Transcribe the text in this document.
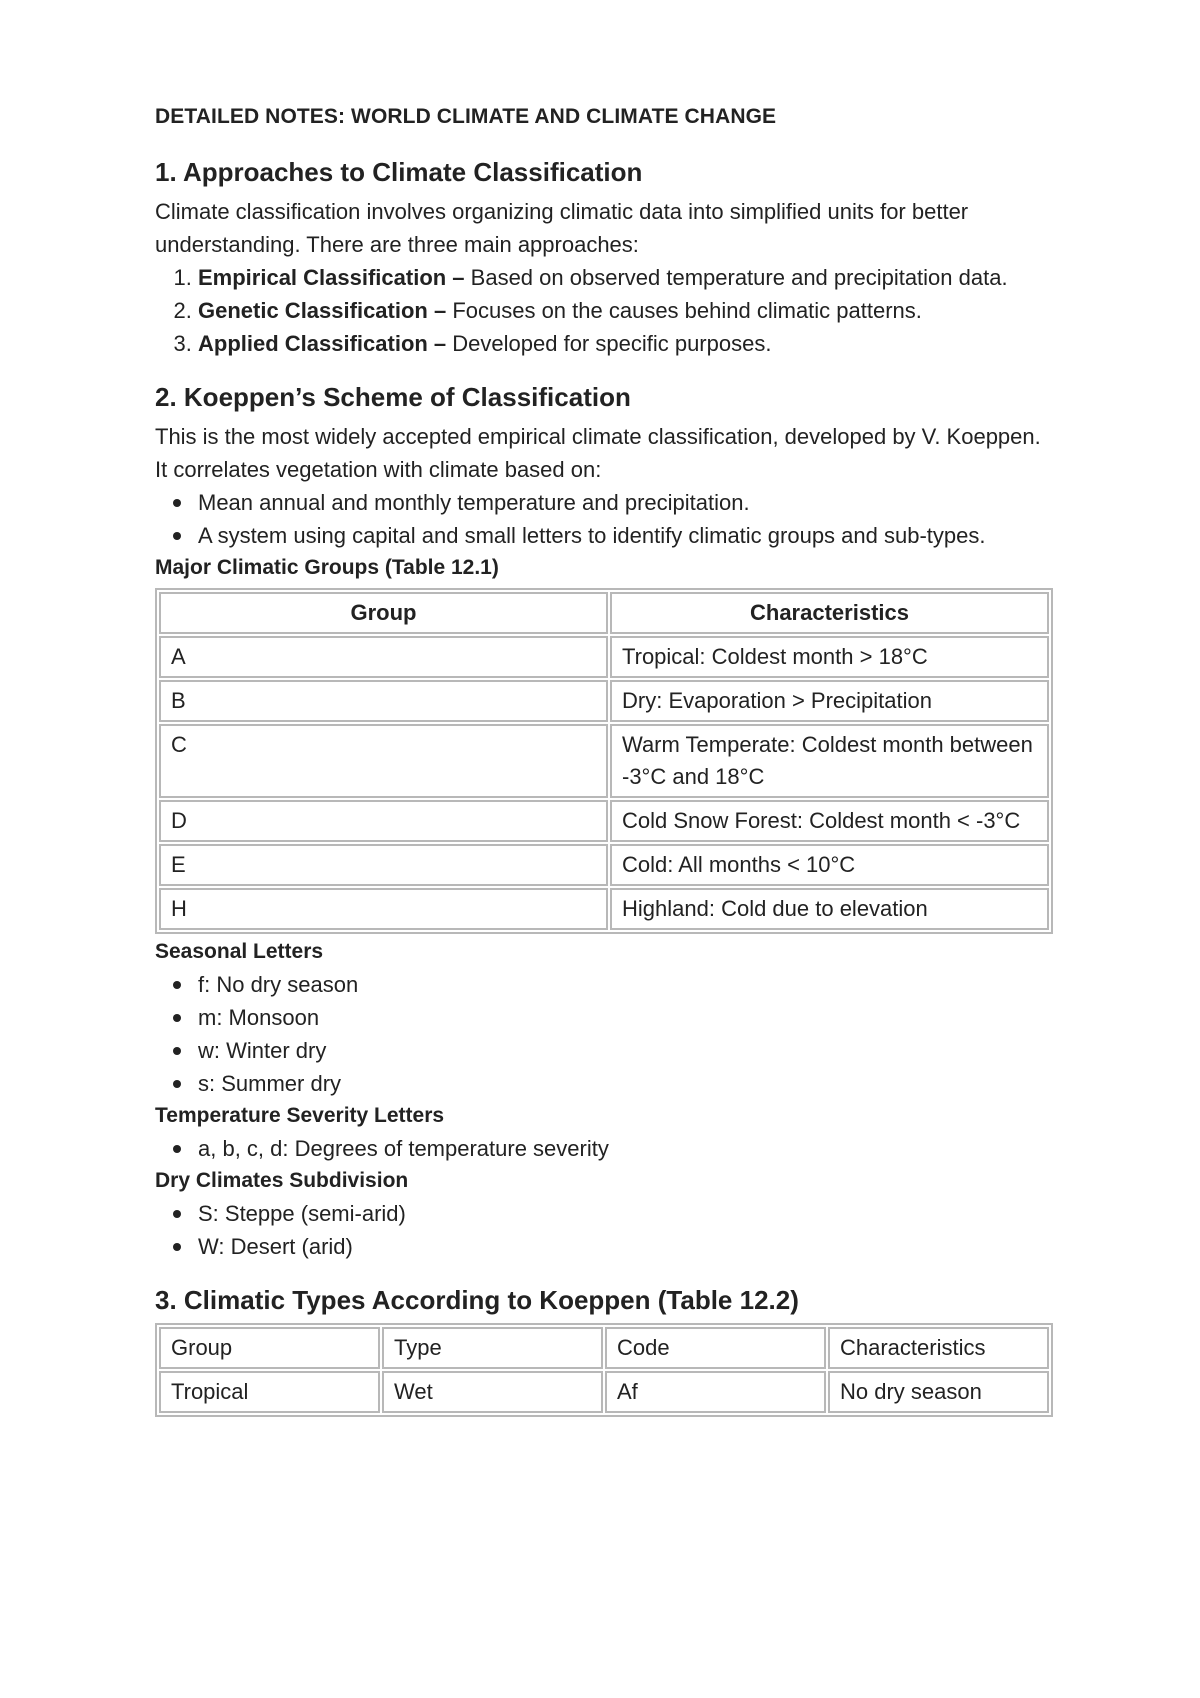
DETAILED NOTES: WORLD CLIMATE AND CLIMATE CHANGE
1. Approaches to Climate Classification

Climate classification involves organizing climatic data into simplified units for better understanding. There are three main approaches:

1. Empirical Classification – Based on observed temperature and precipitation data.
2. Genetic Classification – Focuses on the causes behind climatic patterns.
3. Applied Classification – Developed for specific purposes.
2. Koeppen’s Scheme of Classification

This is the most widely accepted empirical climate classification, developed by V. Koeppen. It correlates vegetation with climate based on:

Mean annual and monthly temperature and precipitation.
A system using capital and small letters to identify climatic groups and sub-types.
Major Climatic Groups (Table 12.1)
Group	Characteristics
A	Tropical: Coldest month > 18°C
B	Dry: Evaporation > Precipitation
C	Warm Temperate: Coldest month between -3°C and 18°C
D	Cold Snow Forest: Coldest month < -3°C
E	Cold: All months < 10°C
H	Highland: Cold due to elevation
Seasonal Letters
f: No dry season
m: Monsoon
w: Winter dry
s: Summer dry
Temperature Severity Letters
a, b, c, d: Degrees of temperature severity
Dry Climates Subdivision
S: Steppe (semi-arid)
W: Desert (arid)
3. Climatic Types According to Koeppen (Table 12.2)
Group	Type	Code	Characteristics
Tropical	Wet	Af	No dry season
